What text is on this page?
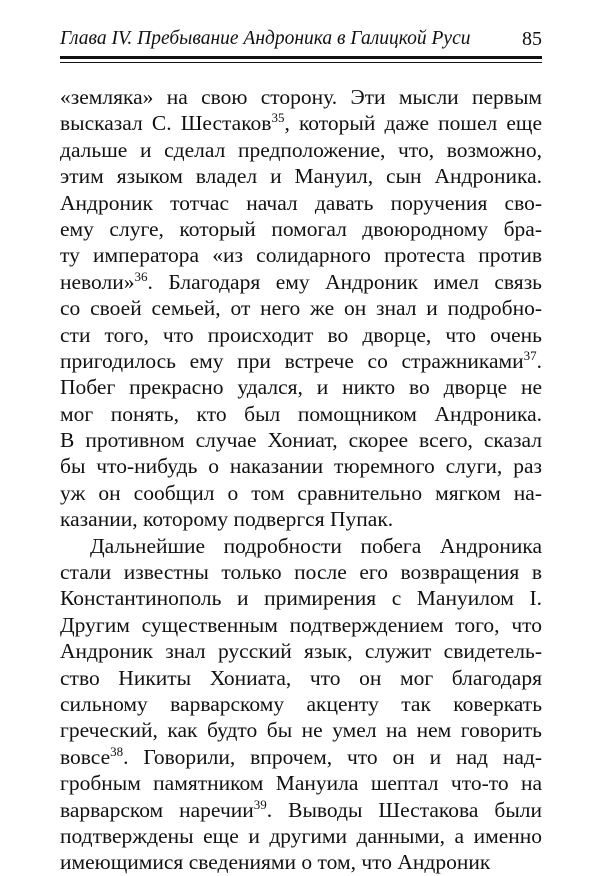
Глава IV. Пребывание Андроника в Галицкой Руси	85
«земляка» на свою сторону. Эти мысли первым
высказал С. Шестаков$^{35}$, который даже пошел еще
дальше и сделал предположение, что, возможно,
этим языком владел и Мануил, сын Андроника.
Андроник тотчас начал давать поручения сво-
ему слуге, который помогал двоюродному бра-
ту императора «из солидарного протеста против
неволи»$^{36}$. Благодаря ему Андроник имел связь
со своей семьей, от него же он знал и подробно-
сти того, что происходит во дворце, что очень
пригодилось ему при встрече со стражниками$^{37}$.
Побег прекрасно удался, и никто во дворце не
мог понять, кто был помощником Андроника.
В противном случае Хониат, скорее всего, сказал
бы что-нибудь о наказании тюремного слуги, раз
уж он сообщил о том сравнительно мягком на-
казании, которому подвергся Пупак.
Дальнейшие подробности побега Андроника
стали известны только после его возвращения в
Константинополь и примирения с Мануилом I.
Другим существенным подтверждением того, что
Андроник знал русский язык, служит свидетель-
ство Никиты Хониата, что он мог благодаря
сильному варварскому акценту так коверкать
греческий, как будто бы не умел на нем говорить
вовсе$^{38}$. Говорили, впрочем, что он и над над-
гробным памятником Мануила шептал что-то на
варварском наречии$^{39}$. Выводы Шестакова были
подтверждены еще и другими данными, а именно
имеющимися сведениями о том, что Андроник
